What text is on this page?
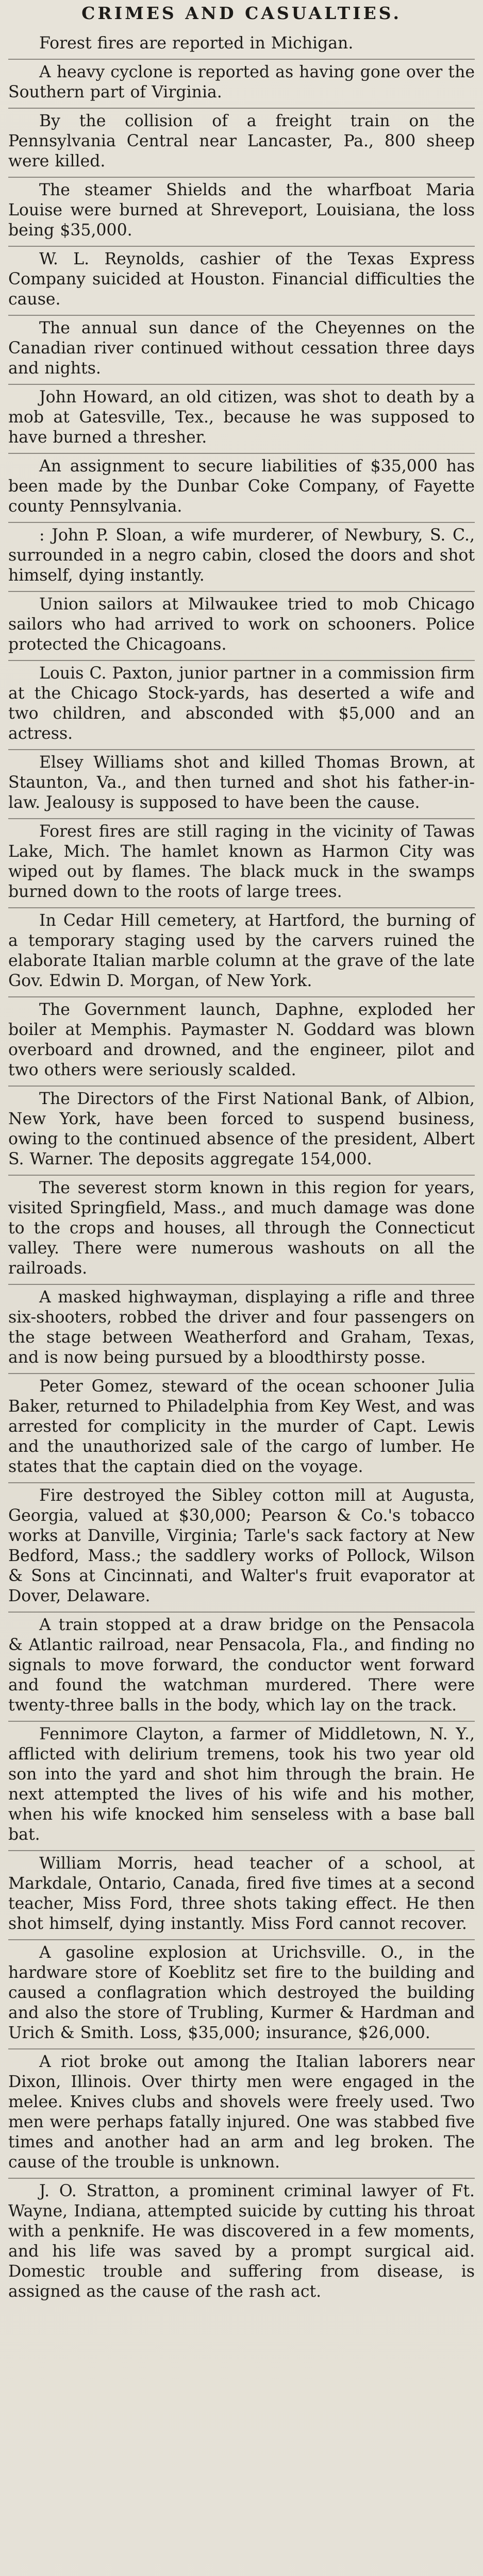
CRIMES AND CASUALTIES.

Forest fires are reported in Michigan.

A heavy cyclone is reported as having gone over the Southern part of Virginia.

By the collision of a freight train on the Pennsylvania Central near Lancaster, Pa., 800 sheep were killed.

The steamer Shields and the wharfboat Maria Louise were burned at Shreveport, Louisiana, the loss being $35,000.

W. L. Reynolds, cashier of the Texas Express Company suicided at Houston. Financial difficulties the cause.

The annual sun dance of the Cheyennes on the Canadian river continued without cessation three days and nights.

John Howard, an old citizen, was shot to death by a mob at Gatesville, Tex., because he was supposed to have burned a thresher.

An assignment to secure liabilities of $35,000 has been made by the Dunbar Coke Company, of Fayette county Pennsylvania.

: John P. Sloan, a wife murderer, of Newbury, S. C., surrounded in a negro cabin, closed the doors and shot himself, dying instantly.

Union sailors at Milwaukee tried to mob Chicago sailors who had arrived to work on schooners. Police protected the Chicagoans.

Louis C. Paxton, junior partner in a commission firm at the Chicago Stock-yards, has deserted a wife and two children, and absconded with $5,000 and an actress.

Elsey Williams shot and killed Thomas Brown, at Staunton, Va., and then turned and shot his father-in-law. Jealousy is supposed to have been the cause.

Forest fires are still raging in the vicinity of Tawas Lake, Mich. The hamlet known as Harmon City was wiped out by flames. The black muck in the swamps burned down to the roots of large trees.

In Cedar Hill cemetery, at Hartford, the burning of a temporary staging used by the carvers ruined the elaborate Italian marble column at the grave of the late Gov. Edwin D. Morgan, of New York.

The Government launch, Daphne, exploded her boiler at Memphis. Paymaster N. Goddard was blown overboard and drowned, and the engineer, pilot and two others were seriously scalded.

The Directors of the First National Bank, of Albion, New York, have been forced to suspend business, owing to the continued absence of the president, Albert S. Warner. The deposits aggregate 154,000.

The severest storm known in this region for years, visited Springfield, Mass., and much damage was done to the crops and houses, all through the Connecticut valley. There were numerous washouts on all the railroads.

A masked highwayman, displaying a rifle and three six-shooters, robbed the driver and four passengers on the stage between Weatherford and Graham, Texas, and is now being pursued by a bloodthirsty posse.

Peter Gomez, steward of the ocean schooner Julia Baker, returned to Philadelphia from Key West, and was arrested for complicity in the murder of Capt. Lewis and the unauthorized sale of the cargo of lumber. He states that the captain died on the voyage.

Fire destroyed the Sibley cotton mill at Augusta, Georgia, valued at $30,000; Pearson & Co.'s tobacco works at Danville, Virginia; Tarle's sack factory at New Bedford, Mass.; the saddlery works of Pollock, Wilson & Sons at Cincinnati, and Walter's fruit evaporator at Dover, Delaware.

A train stopped at a draw bridge on the Pensacola & Atlantic railroad, near Pensacola, Fla., and finding no signals to move forward, the conductor went forward and found the watchman murdered. There were twenty-three balls in the body, which lay on the track.

Fennimore Clayton, a farmer of Middletown, N. Y., afflicted with delirium tremens, took his two year old son into the yard and shot him through the brain. He next attempted the lives of his wife and his mother, when his wife knocked him senseless with a base ball bat.

William Morris, head teacher of a school, at Markdale, Ontario, Canada, fired five times at a second teacher, Miss Ford, three shots taking effect. He then shot himself, dying instantly. Miss Ford cannot recover.

A gasoline explosion at Urichsville. O., in the hardware store of Koeblitz set fire to the building and caused a conflagration which destroyed the building and also the store of Trubling, Kurmer & Hardman and Urich & Smith. Loss, $35,000; insurance, $26,000.

A riot broke out among the Italian laborers near Dixon, Illinois. Over thirty men were engaged in the melee. Knives clubs and shovels were freely used. Two men were perhaps fatally injured. One was stabbed five times and another had an arm and leg broken. The cause of the trouble is unknown.

J. O. Stratton, a prominent criminal lawyer of Ft. Wayne, Indiana, attempted suicide by cutting his throat with a penknife. He was discovered in a few moments, and his life was saved by a prompt surgical aid. Domestic trouble and suffering from disease, is assigned as the cause of the rash act.
